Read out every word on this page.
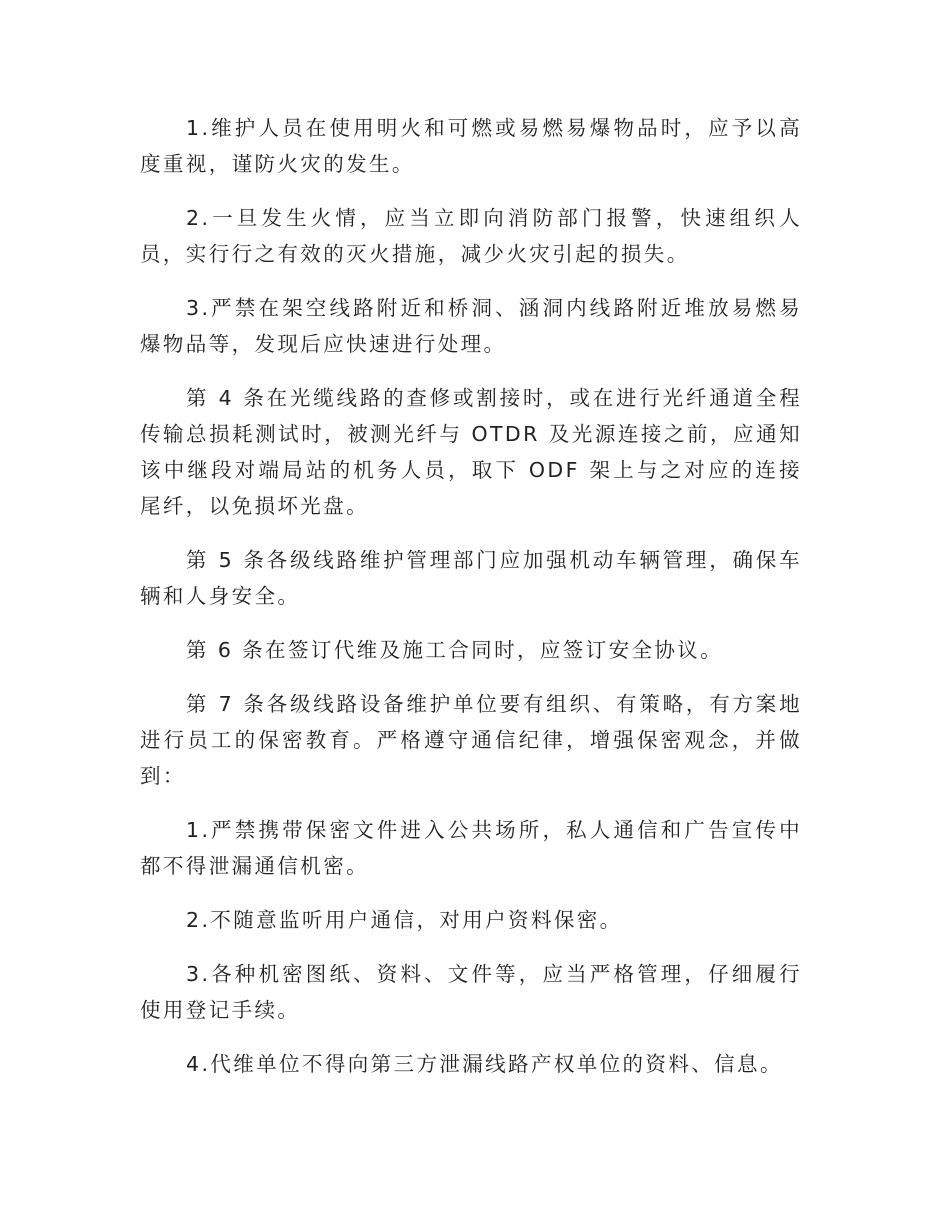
1.维护人员在使用明火和可燃或易燃易爆物品时，应予以高度重视，谨防火灾的发生。

2.一旦发生火情，应当立即向消防部门报警，快速组织人员，实行行之有效的灭火措施，减少火灾引起的损失。

3.严禁在架空线路附近和桥洞、涵洞内线路附近堆放易燃易爆物品等，发现后应快速进行处理。

第 4 条在光缆线路的查修或割接时，或在进行光纤通道全程传输总损耗测试时，被测光纤与 OTDR 及光源连接之前，应通知该中继段对端局站的机务人员，取下 ODF 架上与之对应的连接尾纤，以免损坏光盘。

第 5 条各级线路维护管理部门应加强机动车辆管理，确保车辆和人身安全。

第 6 条在签订代维及施工合同时，应签订安全协议。

第 7 条各级线路设备维护单位要有组织、有策略，有方案地进行员工的保密教育。严格遵守通信纪律，增强保密观念，并做到：

1.严禁携带保密文件进入公共场所，私人通信和广告宣传中都不得泄漏通信机密。

2.不随意监听用户通信，对用户资料保密。

3.各种机密图纸、资料、文件等，应当严格管理，仔细履行使用登记手续。

4.代维单位不得向第三方泄漏线路产权单位的资料、信息。
